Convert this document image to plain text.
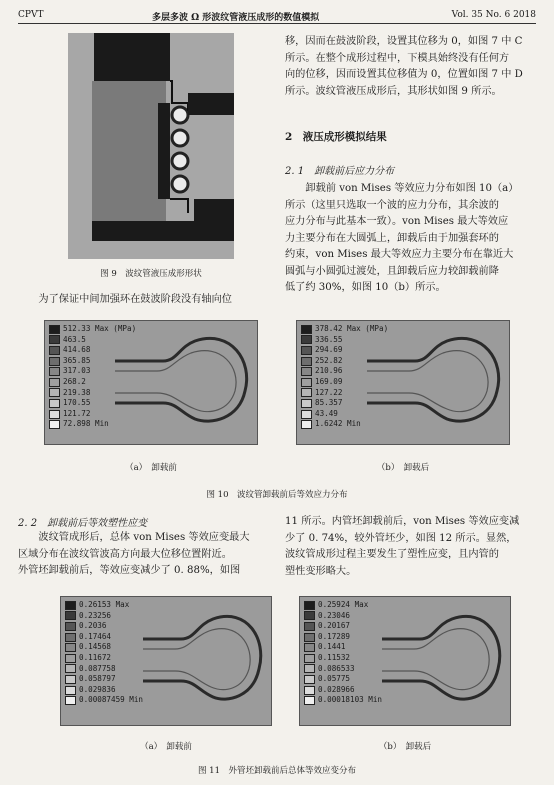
CPVT	多层多波 Ω 形波纹管液压成形的数值模拟	Vol. 35 No. 6 2018
图 9　波纹管液压成形形状

为了保证中间加强环在鼓波阶段没有轴向位

移，因而在鼓波阶段，设置其位移为 0，如图 7 中 C

所示。在整个成形过程中，下模具始终没有任何方

向的位移，因而设置其位移值为 0，位置如图 7 中 D

所示。波纹管液压成形后，其形状如图 9 所示。

2　液压成形模拟结果
2. 1　卸载前后应力分布

卸载前 von Mises 等效应力分布如图 10（a）

所示（这里只选取一个波的应力分布，其余波的

应力分布与此基本一致）。von Mises 最大等效应

力主要分布在大圆弧上，卸载后由于加强套环的

约束，von Mises 最大等效应力主要分布在靠近大

圆弧与小圆弧过渡处，且卸载后应力较卸载前降

低了约 30%，如图 10（b）所示。

512.33 Max (MPa)
463.5
414.68
365.85
317.03
268.2
219.38
170.55
121.72
72.898 Min
（a）　卸载前
378.42 Max (MPa)
336.55
294.69
252.82
210.96
169.09
127.22
85.357
43.49
1.6242 Min
（b）　卸载后
图 10　波纹管卸载前后等效应力分布
2. 2　卸载前后等效塑性应变

波纹管成形后，总体 von Mises 等效应变最大

区域分布在波纹管波高方向最大位移位置附近。

外管坯卸载前后，等效应变减少了 0. 88%，如图

11 所示。内管坯卸载前后，von Mises 等效应变减

少了 0. 74%，较外管坯少，如图 12 所示。显然，

波纹管成形过程主要发生了塑性应变，且内管的

塑性变形略大。

0.26153 Max
0.23256
0.2036
0.17464
0.14568
0.11672
0.087758
0.058797
0.029836
0.00087459 Min
（a）　卸载前
0.25924 Max
0.23046
0.20167
0.17289
0.1441
0.11532
0.086533
0.05775
0.028966
0.00018103 Min
（b）　卸载后
图 11　外管坯卸载前后总体等效应变分布
